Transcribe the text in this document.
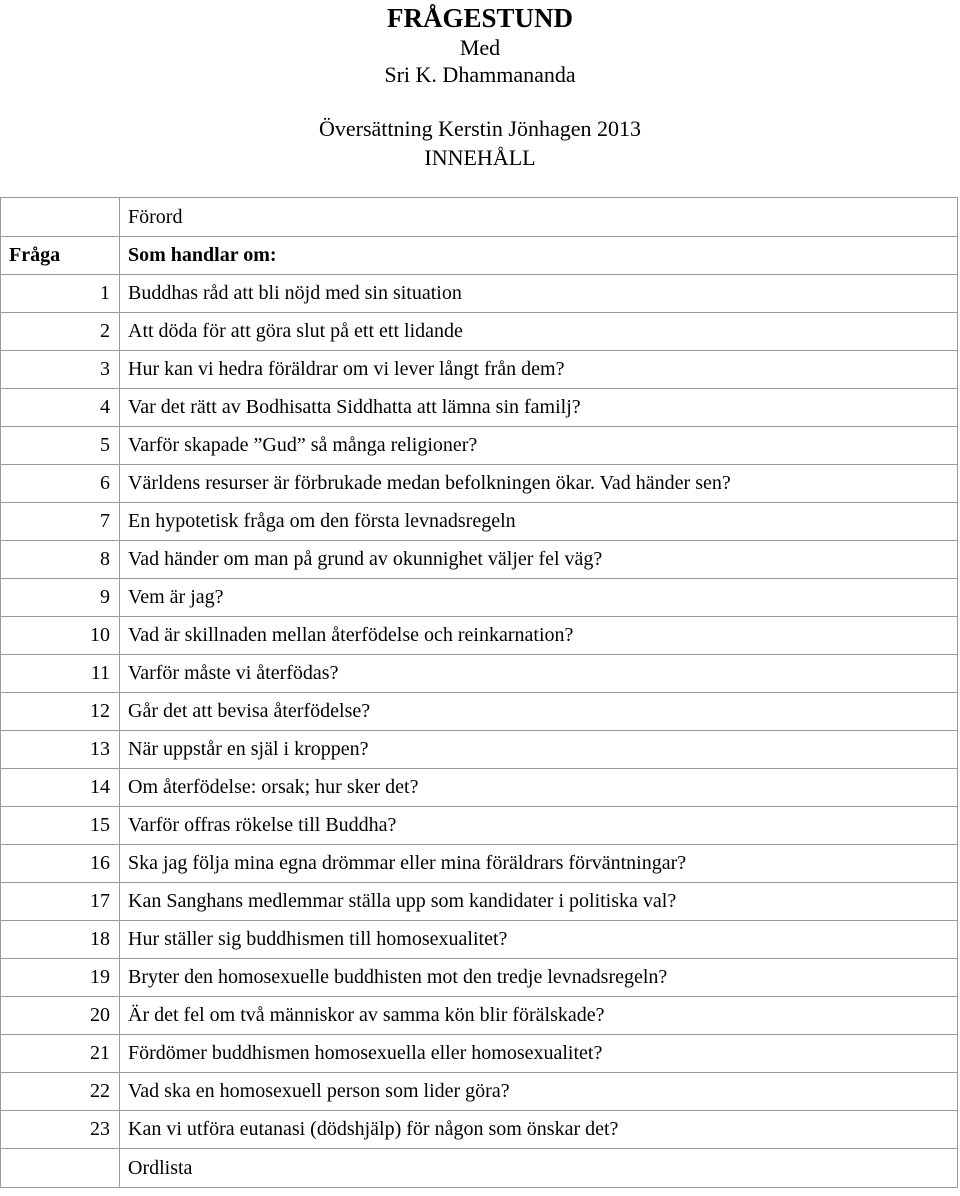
FRÅGESTUND
Med
Sri K. Dhammananda
Översättning Kerstin Jönhagen 2013
INNEHÅLL
	Förord
Fråga	Som handlar om:
1	Buddhas råd att bli nöjd med sin situation
2	Att döda för att göra slut på ett ett lidande
3	Hur kan vi hedra föräldrar om vi lever långt från dem?
4	Var det rätt av Bodhisatta Siddhatta att lämna sin familj?
5	Varför skapade ”Gud” så många religioner?
6	Världens resurser är förbrukade medan befolkningen ökar. Vad händer sen?
7	En hypotetisk fråga om den första levnadsregeln
8	Vad händer om man på grund av okunnighet väljer fel väg?
9	Vem är jag?
10	Vad är skillnaden mellan återfödelse och reinkarnation?
11	Varför måste vi återfödas?
12	Går det att bevisa återfödelse?
13	När uppstår en själ i kroppen?
14	Om återfödelse: orsak; hur sker det?
15	Varför offras rökelse till Buddha?
16	Ska jag följa mina egna drömmar eller mina föräldrars förväntningar?
17	Kan Sanghans medlemmar ställa upp som kandidater i politiska val?
18	Hur ställer sig buddhismen till homosexualitet?
19	Bryter den homosexuelle buddhisten mot den tredje levnadsregeln?
20	Är det fel om två människor av samma kön blir förälskade?
21	Fördömer buddhismen homosexuella eller homosexualitet?
22	Vad ska en homosexuell person som lider göra?
23	Kan vi utföra eutanasi (dödshjälp) för någon som önskar det?
	Ordlista
